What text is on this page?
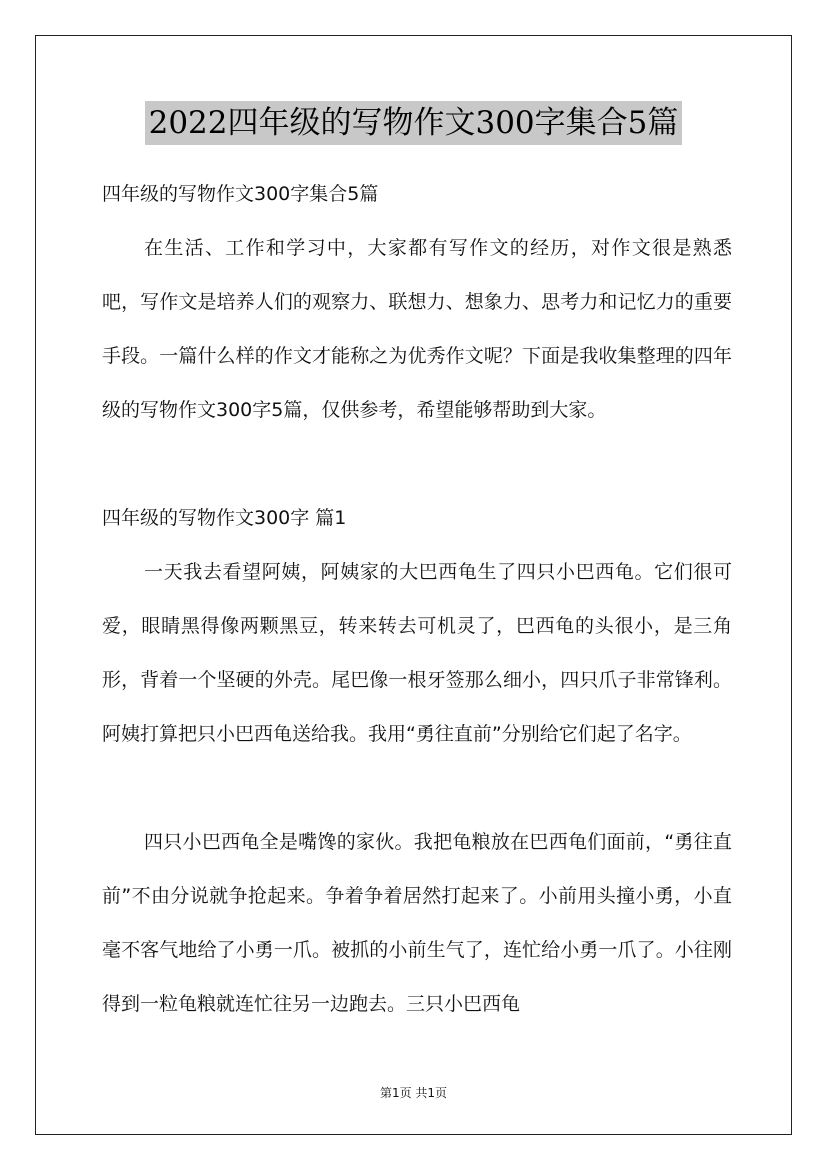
2022四年级的写物作文300字集合5篇

四年级的写物作文300字集合5篇

在生活、工作和学习中，大家都有写作文的经历，对作文很是熟悉吧，写作文是培养人们的观察力、联想力、想象力、思考力和记忆力的重要手段。一篇什么样的作文才能称之为优秀作文呢？下面是我收集整理的四年级的写物作文300字5篇，仅供参考，希望能够帮助到大家。

四年级的写物作文300字 篇1

一天我去看望阿姨，阿姨家的大巴西龟生了四只小巴西龟。它们很可爱，眼睛黑得像两颗黑豆，转来转去可机灵了，巴西龟的头很小，是三角形，背着一个坚硬的外壳。尾巴像一根牙签那么细小，四只爪子非常锋利。阿姨打算把只小巴西龟送给我。我用“勇往直前”分别给它们起了名字。

四只小巴西龟全是嘴馋的家伙。我把龟粮放在巴西龟们面前，“勇往直前”不由分说就争抢起来。争着争着居然打起来了。小前用头撞小勇，小直毫不客气地给了小勇一爪。被抓的小前生气了，连忙给小勇一爪了。小往刚得到一粒龟粮就连忙往另一边跑去。三只小巴西龟

第1页 共1页
